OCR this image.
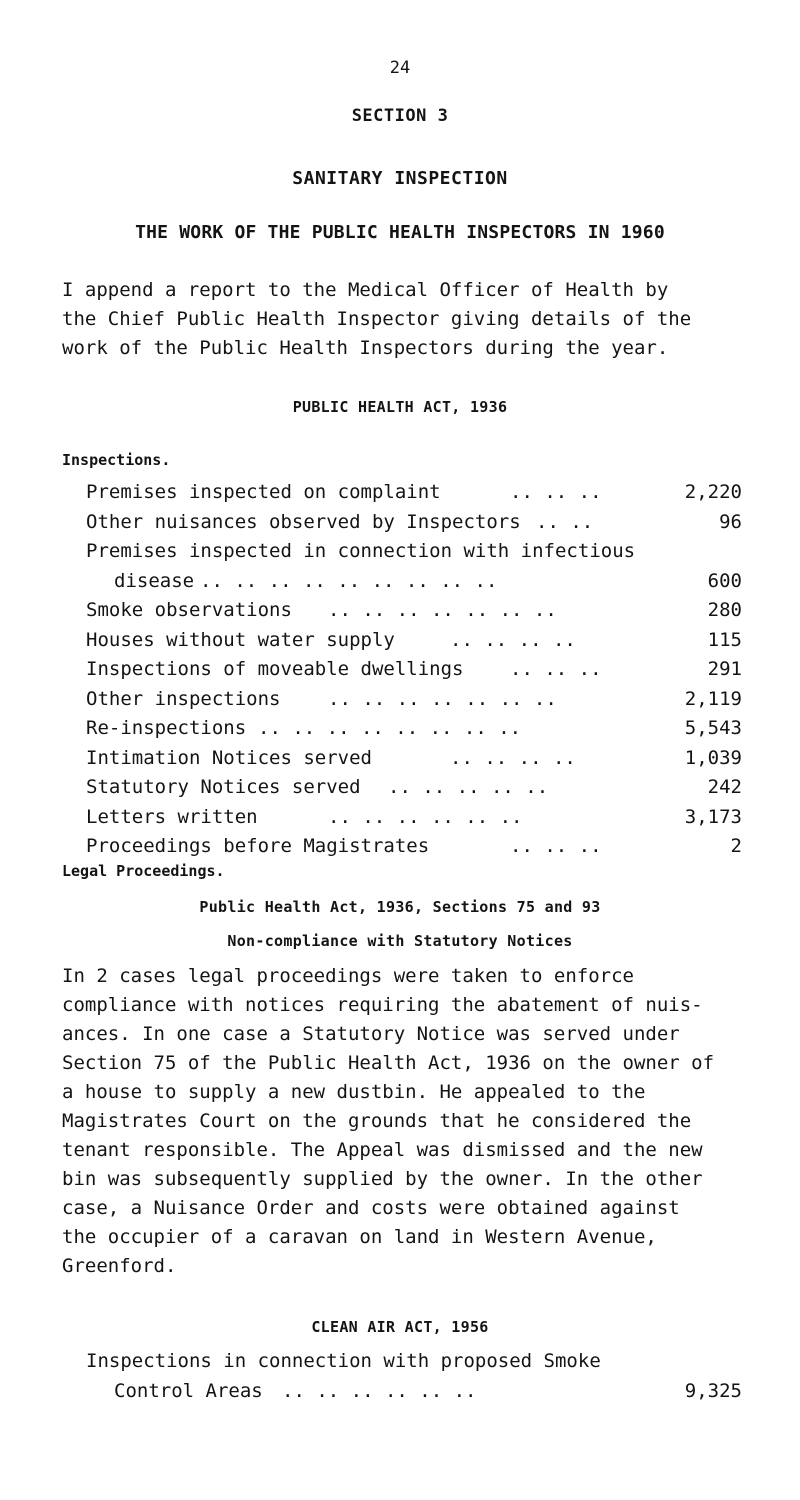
24
SECTION 3
SANITARY INSPECTION
THE WORK OF THE PUBLIC HEALTH INSPECTORS IN 1960
I append a report to the Medical Officer of Health by
the Chief Public Health Inspector giving details of the
work of the Public Health Inspectors during the year.
PUBLIC HEALTH ACT, 1936
Inspections.
Premises inspected on complaint	.. .. ..	2,220
Other nuisances observed by Inspectors .. ..	96
Premises inspected in connection with infectious
disease .. .. .. .. .. .. .. .. ..	600
Smoke observations .. .. .. .. .. .. ..	280
Houses without water supply	.. .. .. ..	115
Inspections of moveable dwellings .. .. ..	291
Other inspections	.. .. .. .. .. .. ..	2,119
Re-inspections .. .. .. .. .. .. .. ..	5,543
Intimation Notices served	.. .. .. ..	1,039
Statutory Notices served .. .. .. .. ..	242
Letters written	.. .. .. .. .. ..	3,173
Proceedings before Magistrates	.. .. ..	2
Legal Proceedings.
Public Health Act, 1936, Sections 75 and 93
Non-compliance with Statutory Notices
In 2 cases legal proceedings were taken to enforce
compliance with notices requiring the abatement of nuis-
ances. In one case a Statutory Notice was served under
Section 75 of the Public Health Act, 1936 on the owner of
a house to supply a new dustbin. He appealed to the
Magistrates Court on the grounds that he considered the
tenant responsible. The Appeal was dismissed and the new
bin was subsequently supplied by the owner. In the other
case, a Nuisance Order and costs were obtained against
the occupier of a caravan on land in Western Avenue,
Greenford.
CLEAN AIR ACT, 1956
Inspections in connection with proposed Smoke
Control Areas .. .. .. .. .. ..	9,325
